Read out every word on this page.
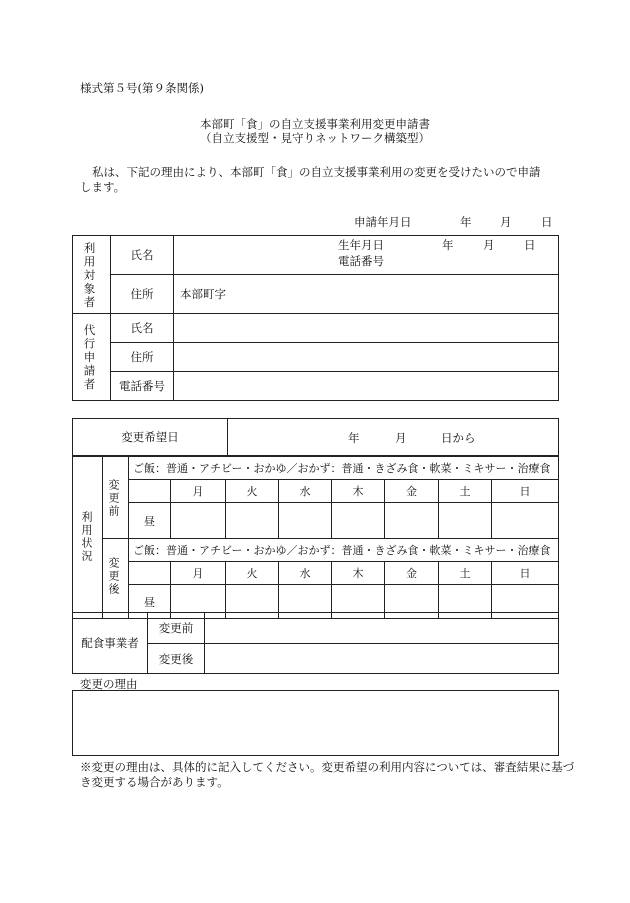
様式第５号(第９条関係)
本部町「食」の自立支援事業利用変更申請書
（自立支援型・見守りネットワーク構築型）
私は、下記の理由により、本部町「食」の自立支援事業利用の変更を受けたいので申請
します。
申請年月日	年 月	日
利用対象者	氏名	生年月日 年 月 日
電話番号

	住所	本部町字

代行申請者	氏名	
	住所	
	電話番号	
変更希望日	年	月	日から
利用状況	変更前	ご飯：普通・アチビー・おかゆ／おかず：普通・きざみ食・軟菜・ミキサー・治療食							
			月	火	水	木	金	土	日
		昼							

	変更後	ご飯：普通・アチビー・おかゆ／おかず：普通・きざみ食・軟菜・ミキサー・治療食							
			月	火	水	木	金	土	日
		昼							
配食事業者	変更前	
	変更後	
変更の理由
※変更の理由は、具体的に記入してください。変更希望の利用内容については、審査結果に基づ
き変更する場合があります。
